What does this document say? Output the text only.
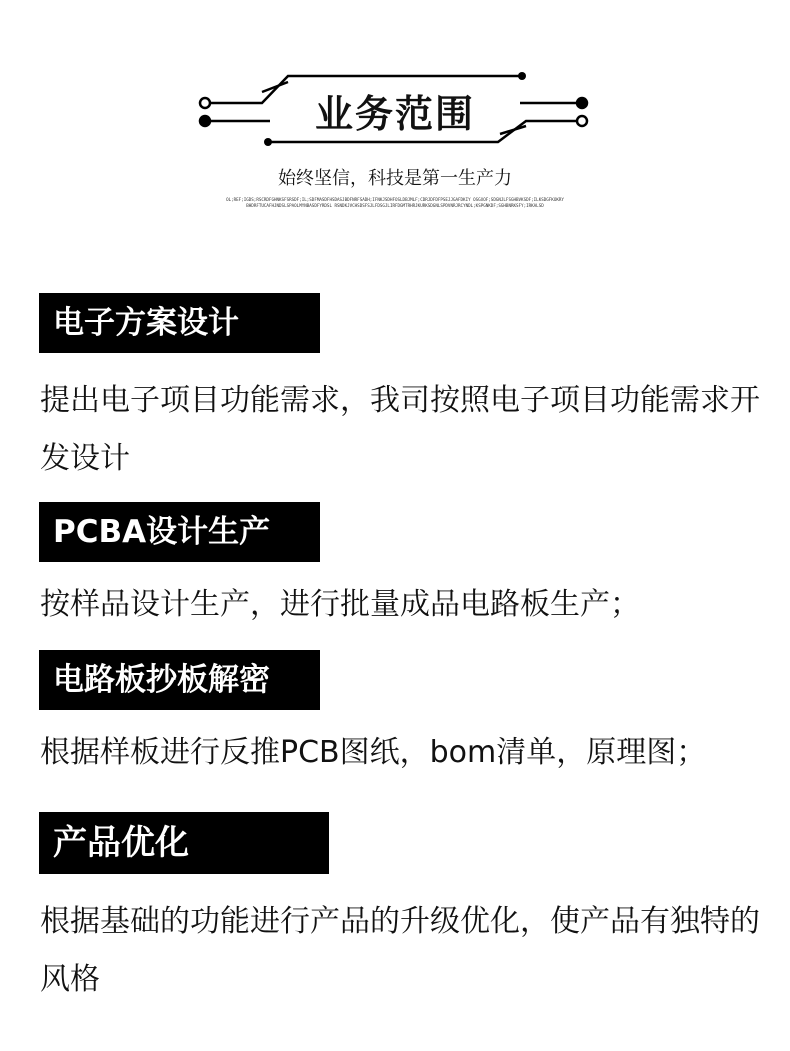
业务范围
始终坚信，科技是第一生产力
OL;REF;IGDS;RSCRDFGHNKSFSRSDF;IL;SDFMASDFHSDASJBDFNRFSADH;IFNKJSDHFOSLDBJMLF;CDRJDFDFPSEJJGAFDKIY OSGXOF;SDGNJLFSGHBVKSDF;ILKSDGFKOKRYBHDRFTUCAFHJNDSLSPAOLMYNBASDFYRDSL RSNDKJVCHSDSFSJLFDSGJLIRFDGMTRHRJKURKSDGNLSPDVNRJRCYNDL;KSPGNKDF;SGHBNRKSFY;IRKALSD
电子方案设计
提出电子项目功能需求，我司按照电子项目功能需求开发设计
PCBA设计生产
按样品设计生产，进行批量成品电路板生产；
电路板抄板解密
根据样板进行反推PCB图纸，bom清单，原理图；
产品优化
根据基础的功能进行产品的升级优化，使产品有独特的风格
